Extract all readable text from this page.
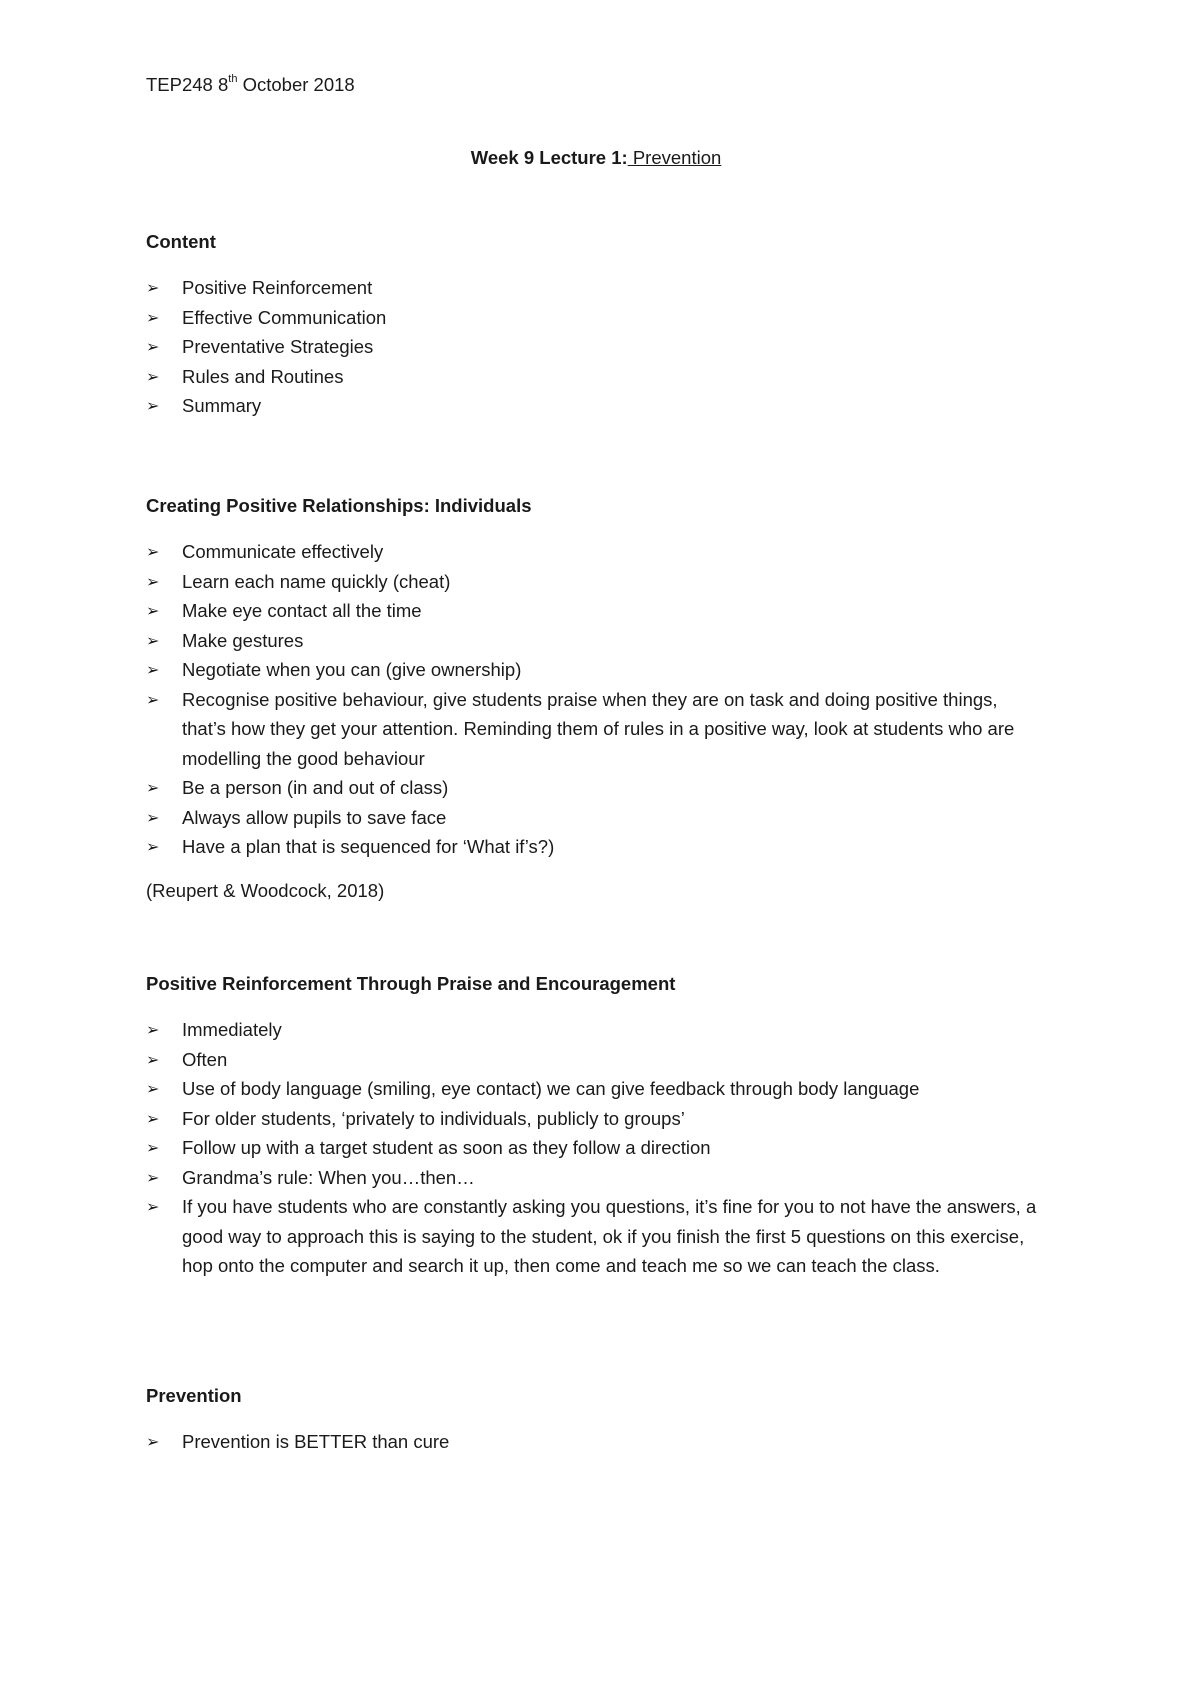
TEP248 8th October 2018
Week 9 Lecture 1: Prevention
Content
➢ Positive Reinforcement
➢ Effective Communication
➢ Preventative Strategies
➢ Rules and Routines
➢ Summary
Creating Positive Relationships: Individuals
➢ Communicate effectively
➢ Learn each name quickly (cheat)
➢ Make eye contact all the time
➢ Make gestures
➢ Negotiate when you can (give ownership)
➢ Recognise positive behaviour, give students praise when they are on task and doing positive things, that’s how they get your attention. Reminding them of rules in a positive way, look at students who are modelling the good behaviour
➢ Be a person (in and out of class)
➢ Always allow pupils to save face
➢ Have a plan that is sequenced for ‘What if’s?)
(Reupert & Woodcock, 2018)
Positive Reinforcement Through Praise and Encouragement
➢ Immediately
➢ Often
➢ Use of body language (smiling, eye contact) we can give feedback through body language
➢ For older students, ‘privately to individuals, publicly to groups’
➢ Follow up with a target student as soon as they follow a direction
➢ Grandma’s rule: When you…then…
➢ If you have students who are constantly asking you questions, it’s fine for you to not have the answers, a good way to approach this is saying to the student, ok if you finish the first 5 questions on this exercise, hop onto the computer and search it up, then come and teach me so we can teach the class.
Prevention
➢ Prevention is BETTER than cure
